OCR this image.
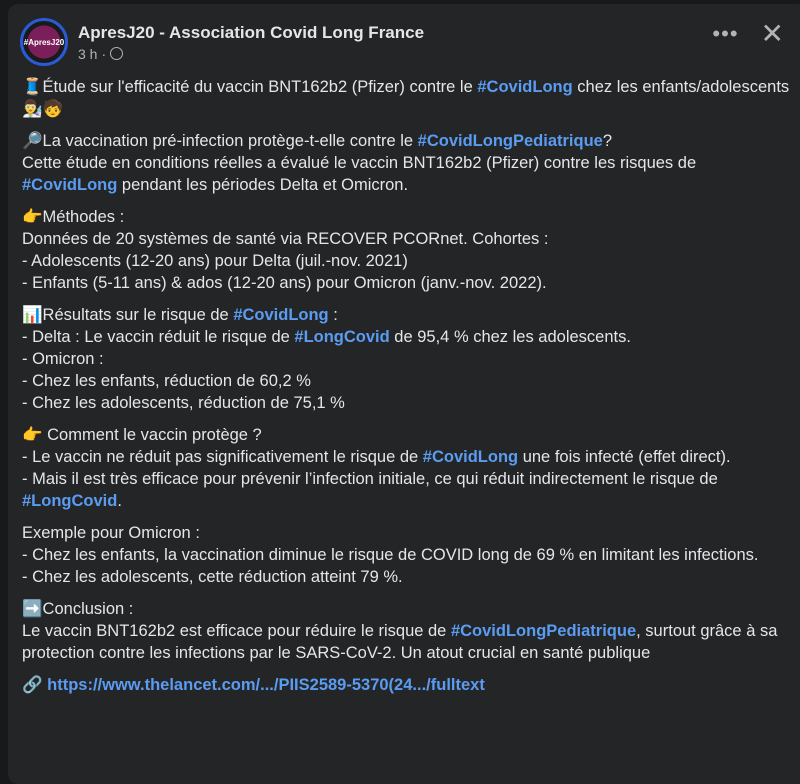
#ApresJ20
ApresJ20 - Association Covid Long France
3 h ·
••• ✕
🧵Étude sur l'efficacité du vaccin BNT162b2 (Pfizer) contre le #CovidLong chez les enfants/adolescents 👨‍🔬🧒
🔎La vaccination pré-infection protège-t-elle contre le #CovidLongPediatrique?
Cette étude en conditions réelles a évalué le vaccin BNT162b2 (Pfizer) contre les risques de #CovidLong pendant les périodes Delta et Omicron.
👉Méthodes :
Données de 20 systèmes de santé via RECOVER PCORnet. Cohortes :
- Adolescents (12-20 ans) pour Delta (juil.-nov. 2021)
- Enfants (5-11 ans) & ados (12-20 ans) pour Omicron (janv.-nov. 2022).
📊Résultats sur le risque de #CovidLong :
- Delta : Le vaccin réduit le risque de #LongCovid de 95,4 % chez les adolescents.
- Omicron :
- Chez les enfants, réduction de 60,2 %
- Chez les adolescents, réduction de 75,1 %
👉 Comment le vaccin protège ?
- Le vaccin ne réduit pas significativement le risque de #CovidLong une fois infecté (effet direct).
- Mais il est très efficace pour prévenir l’infection initiale, ce qui réduit indirectement le risque de #LongCovid.
Exemple pour Omicron :
- Chez les enfants, la vaccination diminue le risque de COVID long de 69 % en limitant les infections.
- Chez les adolescents, cette réduction atteint 79 %.
➡️Conclusion :
Le vaccin BNT162b2 est efficace pour réduire le risque de #CovidLongPediatrique, surtout grâce à sa protection contre les infections par le SARS-CoV-2. Un atout crucial en santé publique
🔗 https://www.thelancet.com/.../PIIS2589-5370(24.../fulltext
